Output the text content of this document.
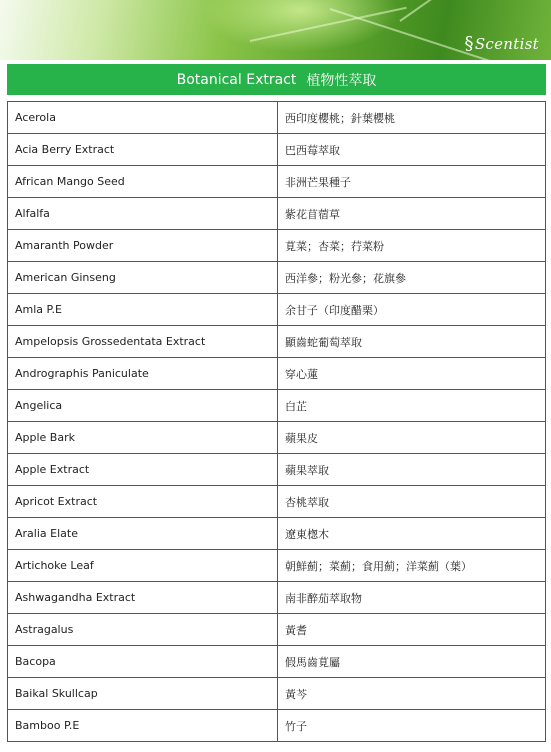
§Scentist
Botanical Extract 植物性萃取
Acerola	西印度櫻桃；針葉櫻桃
Acia Berry Extract	巴西莓萃取
African Mango Seed	非洲芒果種子
Alfalfa	紫花苜蓿草
Amaranth Powder	莧菜；杏菜；荇菜粉
American Ginseng	西洋參；粉光參；花旗參
Amla P.E	余甘子（印度醋栗）
Ampelopsis Grossedentata Extract	顯齒蛇葡萄萃取
Andrographis Paniculate	穿心蓮
Angelica	白芷
Apple Bark	蘋果皮
Apple Extract	蘋果萃取
Apricot Extract	杏桃萃取
Aralia Elate	遼東楤木
Artichoke Leaf	朝鮮薊；菜薊；食用薊；洋菜薊（葉）
Ashwagandha Extract	南非醉茄萃取物
Astragalus	黃耆
Bacopa	假馬齒莧屬
Baikal Skullcap	黃芩
Bamboo P.E	竹子
